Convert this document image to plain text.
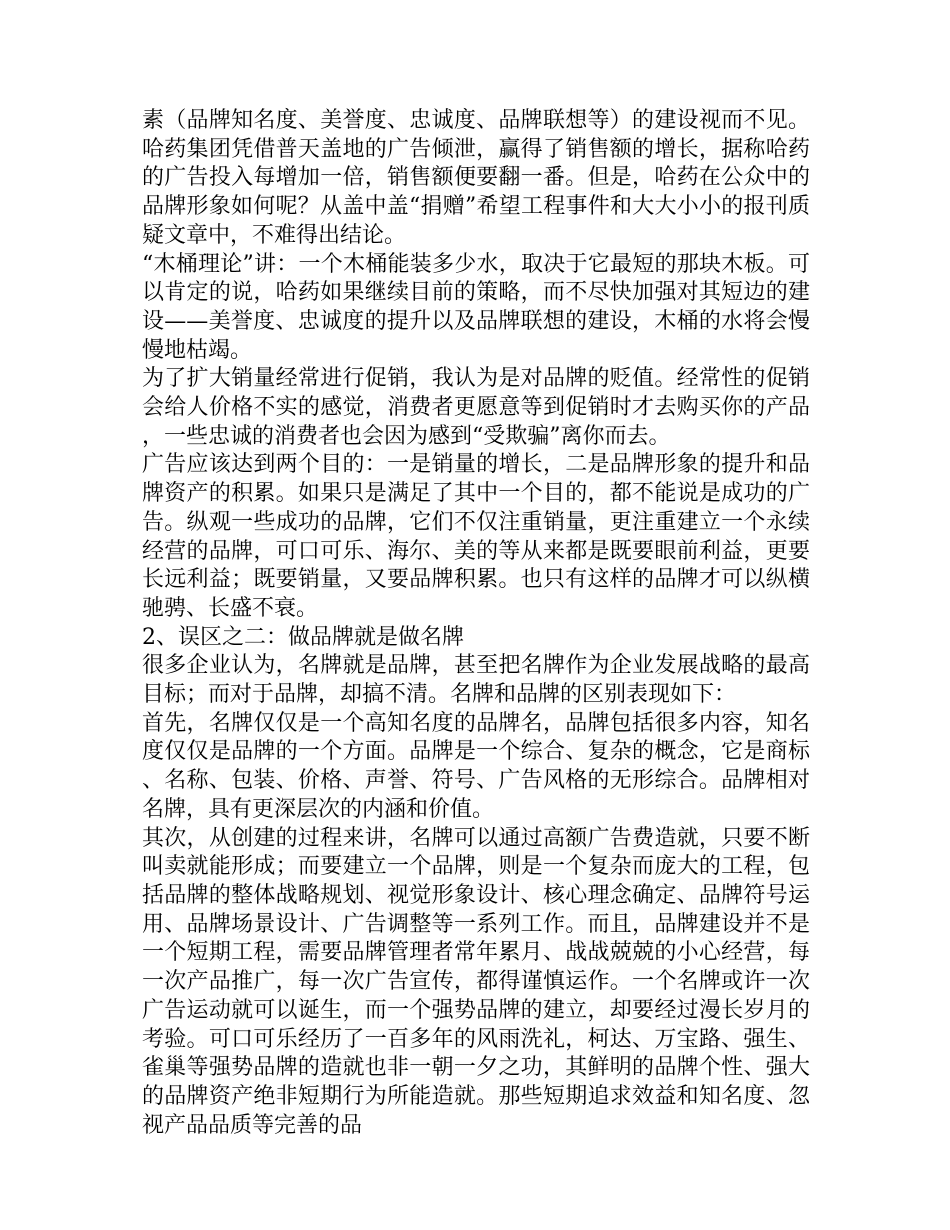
素（品牌知名度、美誉度、忠诚度、品牌联想等）的建设视而不见。哈药集团凭借普天盖地的广告倾泄，赢得了销售额的增长，据称哈药的广告投入每增加一倍，销售额便要翻一番。但是，哈药在公众中的品牌形象如何呢？从盖中盖“捐赠”希望工程事件和大大小小的报刊质疑文章中，不难得出结论。

“木桶理论”讲：一个木桶能装多少水，取决于它最短的那块木板。可以肯定的说，哈药如果继续目前的策略，而不尽快加强对其短边的建设——美誉度、忠诚度的提升以及品牌联想的建设，木桶的水将会慢慢地枯竭。

为了扩大销量经常进行促销，我认为是对品牌的贬值。经常性的促销会给人价格不实的感觉，消费者更愿意等到促销时才去购买你的产品，一些忠诚的消费者也会因为感到“受欺骗”离你而去。

广告应该达到两个目的：一是销量的增长，二是品牌形象的提升和品牌资产的积累。如果只是满足了其中一个目的，都不能说是成功的广告。纵观一些成功的品牌，它们不仅注重销量，更注重建立一个永续经营的品牌，可口可乐、海尔、美的等从来都是既要眼前利益，更要长远利益；既要销量，又要品牌积累。也只有这样的品牌才可以纵横驰骋、长盛不衰。

2、误区之二：做品牌就是做名牌

很多企业认为，名牌就是品牌，甚至把名牌作为企业发展战略的最高目标；而对于品牌，却搞不清。名牌和品牌的区别表现如下：

首先，名牌仅仅是一个高知名度的品牌名，品牌包括很多内容，知名度仅仅是品牌的一个方面。品牌是一个综合、复杂的概念，它是商标、名称、包装、价格、声誉、符号、广告风格的无形综合。品牌相对名牌，具有更深层次的内涵和价值。

其次，从创建的过程来讲，名牌可以通过高额广告费造就，只要不断叫卖就能形成；而要建立一个品牌，则是一个复杂而庞大的工程，包括品牌的整体战略规划、视觉形象设计、核心理念确定、品牌符号运用、品牌场景设计、广告调整等一系列工作。而且，品牌建设并不是一个短期工程，需要品牌管理者常年累月、战战兢兢的小心经营，每一次产品推广，每一次广告宣传，都得谨慎运作。一个名牌或许一次广告运动就可以诞生，而一个强势品牌的建立，却要经过漫长岁月的考验。可口可乐经历了一百多年的风雨洗礼，柯达、万宝路、强生、雀巢等强势品牌的造就也非一朝一夕之功，其鲜明的品牌个性、强大的品牌资产绝非短期行为所能造就。那些短期追求效益和知名度、忽视产品品质等完善的品
